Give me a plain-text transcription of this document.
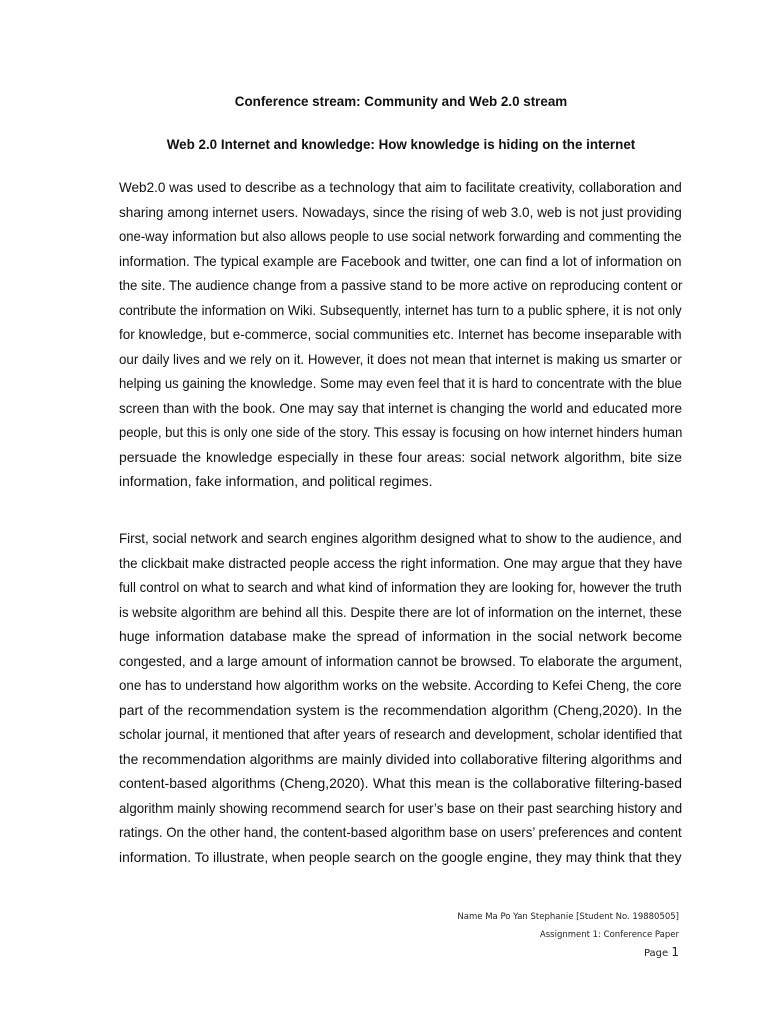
Conference stream: Community and Web 2.0 stream
Web 2.0 Internet and knowledge: How knowledge is hiding on the internet
Web2.0 was used to describe as a technology that aim to facilitate creativity, collaboration and
sharing among internet users. Nowadays, since the rising of web 3.0, web is not just providing
one-way information but also allows people to use social network forwarding and commenting the
information. The typical example are Facebook and twitter, one can find a lot of information on
the site. The audience change from a passive stand to be more active on reproducing content or
contribute the information on Wiki. Subsequently, internet has turn to a public sphere, it is not only
for knowledge, but e-commerce, social communities etc. Internet has become inseparable with
our daily lives and we rely on it. However, it does not mean that internet is making us smarter or
helping us gaining the knowledge. Some may even feel that it is hard to concentrate with the blue
screen than with the book. One may say that internet is changing the world and educated more
people, but this is only one side of the story. This essay is focusing on how internet hinders human
persuade the knowledge especially in these four areas: social network algorithm, bite size
information, fake information, and political regimes.
First, social network and search engines algorithm designed what to show to the audience, and
the clickbait make distracted people access the right information. One may argue that they have
full control on what to search and what kind of information they are looking for, however the truth
is website algorithm are behind all this. Despite there are lot of information on the internet, these
huge information database make the spread of information in the social network become
congested, and a large amount of information cannot be browsed. To elaborate the argument,
one has to understand how algorithm works on the website. According to Kefei Cheng, the core
part of the recommendation system is the recommendation algorithm (Cheng,2020). In the
scholar journal, it mentioned that after years of research and development, scholar identified that
the recommendation algorithms are mainly divided into collaborative filtering algorithms and
content-based algorithms (Cheng,2020). What this mean is the collaborative filtering-based
algorithm mainly showing recommend search for user’s base on their past searching history and
ratings. On the other hand, the content-based algorithm base on users’ preferences and content
information. To illustrate, when people search on the google engine, they may think that they
Name Ma Po Yan Stephanie [Student No. 19880505]
Assignment 1: Conference Paper
Page 1
